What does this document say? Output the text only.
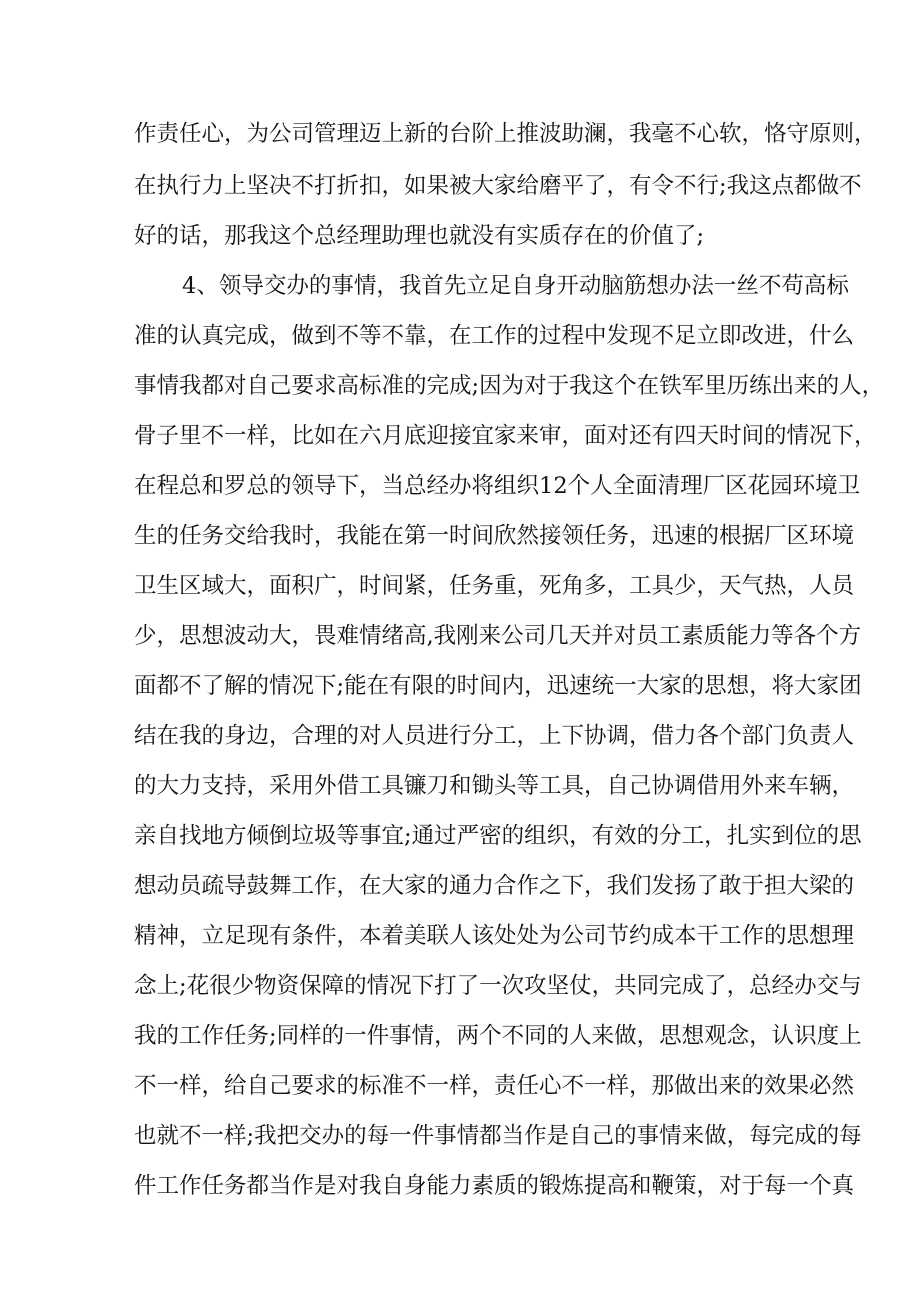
作责任心，为公司管理迈上新的台阶上推波助澜，我毫不心软，恪守原则，
在执行力上坚决不打折扣，如果被大家给磨平了，有令不行;我这点都做不
好的话，那我这个总经理助理也就没有实质存在的价值了;
4、领导交办的事情，我首先立足自身开动脑筋想办法一丝不苟高标
准的认真完成，做到不等不靠，在工作的过程中发现不足立即改进，什么
事情我都对自己要求高标准的完成;因为对于我这个在铁军里历练出来的人，
骨子里不一样，比如在六月底迎接宜家来审，面对还有四天时间的情况下，
在程总和罗总的领导下，当总经办将组织12个人全面清理厂区花园环境卫
生的任务交给我时，我能在第一时间欣然接领任务，迅速的根据厂区环境
卫生区域大，面积广，时间紧，任务重，死角多，工具少，天气热，人员
少，思想波动大，畏难情绪高,我刚来公司几天并对员工素质能力等各个方
面都不了解的情况下;能在有限的时间内，迅速统一大家的思想，将大家团
结在我的身边，合理的对人员进行分工，上下协调，借力各个部门负责人
的大力支持，采用外借工具镰刀和锄头等工具，自己协调借用外来车辆，
亲自找地方倾倒垃圾等事宜;通过严密的组织，有效的分工，扎实到位的思
想动员疏导鼓舞工作，在大家的通力合作之下，我们发扬了敢于担大梁的
精神，立足现有条件，本着美联人该处处为公司节约成本干工作的思想理
念上;花很少物资保障的情况下打了一次攻坚仗，共同完成了，总经办交与
我的工作任务;同样的一件事情，两个不同的人来做，思想观念，认识度上
不一样，给自己要求的标准不一样，责任心不一样，那做出来的效果必然
也就不一样;我把交办的每一件事情都当作是自己的事情来做，每完成的每
件工作任务都当作是对我自身能力素质的锻炼提高和鞭策，对于每一个真
